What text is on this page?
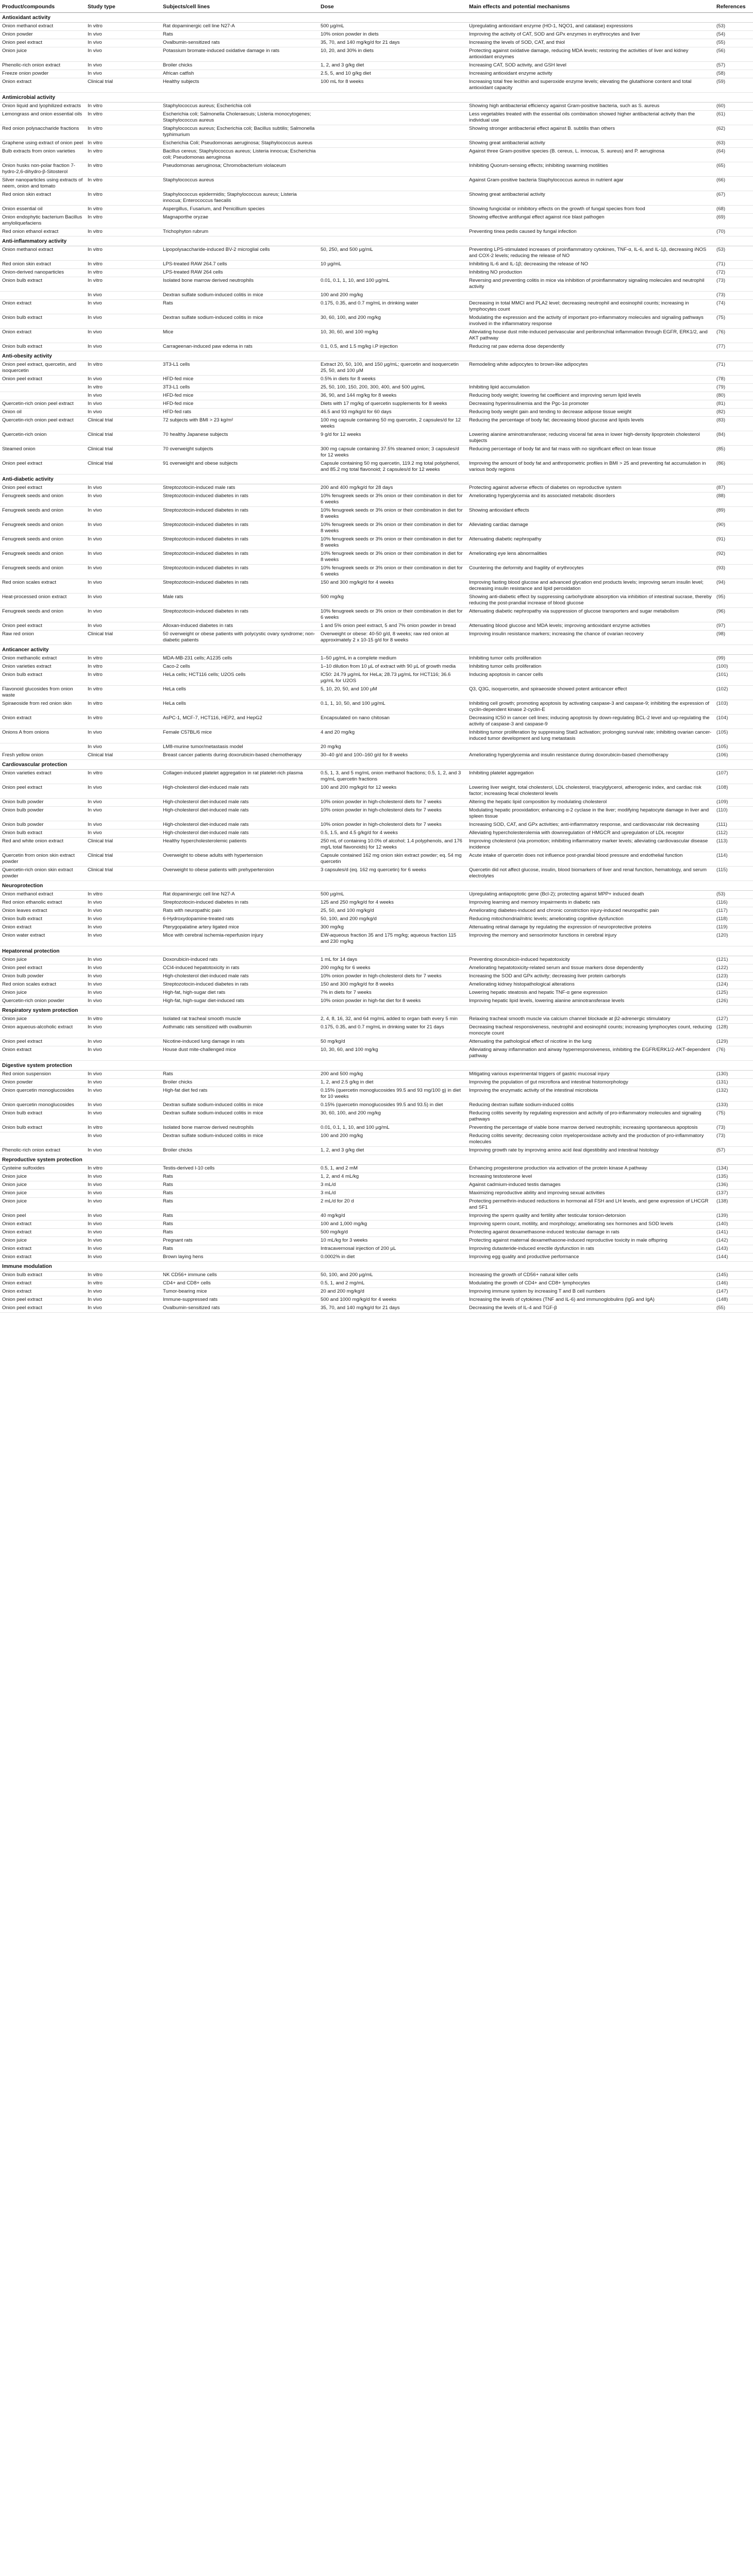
Product/compounds	Study type	Subjects/cell lines	Dose	Main effects and potential mechanisms	References
Antioxidant activity					
Onion methanol extract	In vitro	Rat dopaminergic cell line N27-A	500 µg/mL	Upregulating antioxidant enzyme (HO-1, NQO1, and catalase) expressions	(53)
Onion powder	In vivo	Rats	10% onion powder in diets	Improving the activity of CAT, SOD and GPx enzymes in erythrocytes and liver	(54)
Onion peel extract	In vivo	Ovalbumin-sensitized rats	35, 70, and 140 mg/kg/d for 21 days	Increasing the levels of SOD, CAT, and thiol	(55)
Onion juice	In vivo	Potassium bromate-induced oxidative damage in rats	10, 20, and 30% in diets	Protecting against oxidative damage, reducing MDA levels; restoring the activities of liver and kidney antioxidant enzymes	(56)
Phenolic-rich onion extract	In vivo	Broiler chicks	1, 2, and 3 g/kg diet	Increasing CAT, SOD activity, and GSH level	(57)
Freeze onion powder	In vivo	African catfish	2.5, 5, and 10 g/kg diet	Increasing antioxidant enzyme activity	(58)
Onion extract	Clinical trial	Healthy subjects	100 mL for 8 weeks	Increasing total free lecithin and superoxide enzyme levels; elevating the glutathione content and total antioxidant capacity	(59)
Antimicrobial activity					
Onion liquid and lyophilized extracts	In vitro	Staphylococcus aureus; Escherichia coli		Showing high antibacterial efficiency against Gram-positive bacteria, such as S. aureus	(60)
Lemongrass and onion essential oils	In vitro	Escherichia coli; Salmonella Choleraesuis; Listeria monocytogenes; Staphylococcus aureus		Less vegetables treated with the essential oils combination showed higher antibacterial activity than the individual use	(61)
Red onion polysaccharide fractions	In vitro	Staphylococcus aureus; Escherichia coli; Bacillus subtilis; Salmonella typhimurium		Showing stronger antibacterial effect against B. subtilis than others	(62)
Graphene using extract of onion peel	In vitro	Escherichia Coli; Pseudomonas aeruginosa; Staphylococcus aureus		Showing great antibacterial activity	(63)
Bulb extracts from onion varieties	In vitro	Bacillus cereus; Staphylococcus aureus; Listeria innocua; Escherichia coli; Pseudomonas aeruginosa		Against three Gram-positive species (B. cereus, L. innocua, S. aureus) and P. aeruginosa	(64)
Onion husks non-polar fraction 7-hydro-2,6-dihydro-β-Sitosterol	In vitro	Pseudomonas aeruginosa; Chromobacterium violaceum		Inhibiting Quorum-sensing effects; inhibiting swarming motilities	(65)
Silver nanoparticles using extracts of neem, onion and tomato	In vitro	Staphylococcus aureus		Against Gram-positive bacteria Staphylococcus aureus in nutrient agar	(66)
Red onion skin extract	In vitro	Staphylococcus epidermidis; Staphylococcus aureus; Listeria innocua; Enterococcus faecalis		Showing great antibacterial activity	(67)
Onion essential oil	In vitro	Aspergillus, Fusarium, and Penicillium species		Showing fungicidal or inhibitory effects on the growth of fungal species from food	(68)
Onion endophytic bacterium Bacillus amyloliquefaciens	In vitro	Magnaporthe oryzae		Showing effective antifungal effect against rice blast pathogen	(69)
Red onion ethanol extract	In vitro	Trichophyton rubrum		Preventing tinea pedis caused by fungal infection	(70)
Anti-inflammatory activity					
Onion methanol extract	In vitro	Lipopolysaccharide-induced BV-2 microglial cells	50, 250, and 500 µg/mL	Preventing LPS-stimulated increases of proinflammatory cytokines, TNF-α, IL-6, and IL-1β, decreasing iNOS and COX-2 levels; reducing the release of NO	(53)
Red onion skin extract	In vitro	LPS-treated RAW 264.7 cells	10 µg/mL	Inhibiting IL-6 and IL-1β; decreasing the release of NO	(71)
Onion-derived nanoparticles	In vitro	LPS-treated RAW 264 cells		Inhibiting NO production	(72)
Onion bulb extract	In vitro	Isolated bone marrow derived neutrophils	0.01, 0.1, 1, 10, and 100 µg/mL	Reversing and preventing colitis in mice via inhibition of proinflammatory signaling molecules and neutrophil activity	(73)
	In vivo	Dextran sulfate sodium-induced colitis in mice	100 and 200 mg/kg		(73)
Onion extract	In vivo	Rats	0.175, 0.35, and 0.7 mg/mL in drinking water	Decreasing in total MMCI and PLA2 level; decreasing neutrophil and eosinophil counts; increasing in lymphocytes count	(74)
Onion bulb extract	In vivo	Dextran sulfate sodium-induced colitis in mice	30, 60, 100, and 200 mg/kg	Modulating the expression and the activity of important pro-inflammatory molecules and signaling pathways involved in the inflammatory response	(75)
Onion extract	In vivo	Mice	10, 30, 60, and 100 mg/kg	Alleviating house dust mite-induced perivascular and peribronchial inflammation through EGFR, ERK1/2, and AKT pathway	(76)
Onion bulb extract	In vivo	Carrageenan-induced paw edema in rats	0.1, 0.5, and 1.5 mg/kg i.P injection	Reducing rat paw edema dose dependently	(77)
Anti-obesity activity					
Onion peel extract, quercetin, and isoquercetin	In vitro	3T3-L1 cells	Extract 20, 50, 100, and 150 µg/mL; quercetin and isoquercetin 25, 50, and 100 µM	Remodeling white adipocytes to brown-like adipocytes	(71)
Onion peel extract	In vivo	HFD-fed mice	0.5% in diets for 8 weeks		(78)
	In vitro	3T3-L1 cells	25, 50, 100, 150, 200, 300, 400, and 500 µg/mL	Inhibiting lipid accumulation	(79)
	In vivo	HFD-fed mice	36, 90, and 144 mg/kg for 8 weeks	Reducing body weight; lowering fat coefficient and improving serum lipid levels	(80)
Quercetin-rich onion peel extract	In vivo	HFD-fed mice	Diets with 17 mg/kg of quercetin supplements for 8 weeks	Decreasing hyperinsulinemia and the Pgc-1α promoter	(81)
Onion oil	In vivo	HFD-fed rats	46.5 and 93 mg/kg/d for 60 days	Reducing body weight gain and tending to decrease adipose tissue weight	(82)
Quercetin-rich onion peel extract	Clinical trial	72 subjects with BMI > 23 kg/m²	100 mg capsule containing 50 mg quercetin, 2 capsules/d for 12 weeks	Reducing the percentage of body fat; decreasing blood glucose and lipids levels	(83)
Quercetin-rich onion	Clinical trial	70 healthy Japanese subjects	9 g/d for 12 weeks	Lowering alanine aminotransferase; reducing visceral fat area in lower high-density lipoprotein cholesterol subjects	(84)
Steamed onion	Clinical trial	70 overweight subjects	300 mg capsule containing 37.5% steamed onion; 3 capsules/d for 12 weeks	Reducing percentage of body fat and fat mass with no significant effect on lean tissue	(85)
Onion peel extract	Clinical trial	91 overweight and obese subjects	Capsule containing 50 mg quercetin, 119.2 mg total polyphenol, and 85.2 mg total flavonoid; 2 capsules/d for 12 weeks	Improving the amount of body fat and anthropometric profiles in BMI > 25 and preventing fat accumulation in various body regions	(86)
Anti-diabetic activity					
Onion peel extract	In vivo	Streptozotocin-induced male rats	200 and 400 mg/kg/d for 28 days	Protecting against adverse effects of diabetes on reproductive system	(87)
Fenugreek seeds and onion	In vivo	Streptozotocin-induced diabetes in rats	10% fenugreek seeds or 3% onion or their combination in diet for 6 weeks	Ameliorating hyperglycemia and its associated metabolic disorders	(88)
Fenugreek seeds and onion	In vivo	Streptozotocin-induced diabetes in rats	10% fenugreek seeds or 3% onion or their combination in diet for 8 weeks	Showing antioxidant effects	(89)
Fenugreek seeds and onion	In vivo	Streptozotocin-induced diabetes in rats	10% fenugreek seeds or 3% onion or their combination in diet for 8 weeks	Alleviating cardiac damage	(90)
Fenugreek seeds and onion	In vivo	Streptozotocin-induced diabetes in rats	10% fenugreek seeds or 3% onion or their combination in diet for 8 weeks	Attenuating diabetic nephropathy	(91)
Fenugreek seeds and onion	In vivo	Streptozotocin-induced diabetes in rats	10% fenugreek seeds or 3% onion or their combination in diet for 8 weeks	Ameliorating eye lens abnormalities	(92)
Fenugreek seeds and onion	In vivo	Streptozotocin-induced diabetes in rats	10% fenugreek seeds or 3% onion or their combination in diet for 6 weeks	Countering the deformity and fragility of erythrocytes	(93)
Red onion scales extract	In vivo	Streptozotocin-induced diabetes in rats	150 and 300 mg/kg/d for 4 weeks	Improving fasting blood glucose and advanced glycation end products levels; improving serum insulin level; decreasing insulin resistance and lipid peroxidation	(94)
Heat-processed onion extract	In vivo	Male rats	500 mg/kg	Showing anti-diabetic effect by suppressing carbohydrate absorption via inhibition of intestinal sucrase, thereby reducing the post-prandial increase of blood glucose	(95)
Fenugreek seeds and onion	In vivo	Streptozotocin-induced diabetes in rats	10% fenugreek seeds or 3% onion or their combination in diet for 6 weeks	Attenuating diabetic nephropathy via suppression of glucose transporters and sugar metabolism	(96)
Onion peel extract	In vivo	Alloxan-induced diabetes in rats	1 and 5% onion peel extract, 5 and 7% onion powder in bread	Attenuating blood glucose and MDA levels; improving antioxidant enzyme activities	(97)
Raw red onion	Clinical trial	50 overweight or obese patients with polycystic ovary syndrome; non-diabetic patients	Overweight or obese: 40-50 g/d, 8 weeks; raw red onion at approximately 2 x 10-15 g/d for 8 weeks	Improving insulin resistance markers; increasing the chance of ovarian recovery	(98)
Anticancer activity					
Onion methanolic extract	In vitro	MDA-MB-231 cells; A1235 cells	1–50 µg/mL in a complete medium	Inhibiting tumor cells proliferation	(99)
Onion varieties extract	In vitro	Caco-2 cells	1–10 dilution from 10 µL of extract with 90 µL of growth media	Inhibiting tumor cells proliferation	(100)
Onion bulb extract	In vitro	HeLa cells; HCT116 cells; U2OS cells	IC50: 24.79 µg/mL for HeLa; 28.73 µg/mL for HCT116; 36.6 µg/mL for U2OS	Inducing apoptosis in cancer cells	(101)
Flavonoid glucosides from onion waste	In vitro	HeLa cells	5, 10, 20, 50, and 100 µM	Q3, Q3G, isoquercetin, and spiraeoside showed potent anticancer effect	(102)
Spiraeoside from red onion skin	In vitro	HeLa cells	0.1, 1, 10, 50, and 100 µg/mL	Inhibiting cell growth; promoting apoptosis by activating caspase-3 and caspase-9; inhibiting the expression of cyclin-dependent kinase 2-cyclin-E	(103)
Onion extract	In vitro	AsPC-1, MCF-7, HCT116, HEP2, and HepG2	Encapsulated on nano chitosan	Decreasing IC50 in cancer cell lines; inducing apoptosis by down-regulating BCL-2 level and up-regulating the activity of caspase-3 and caspase-9	(104)
Onions A from onions	In vivo	Female C57BL/6 mice	4 and 20 mg/kg	Inhibiting tumor proliferation by suppressing Stat3 activation; prolonging survival rate; inhibiting ovarian cancer-induced tumor development and lung metastasis	(105)
	In vivo	LM8-murine tumor/metastasis model	20 mg/kg		(105)
Fresh yellow onion	Clinical trial	Breast cancer patients during doxorubicin-based chemotherapy	30–40 g/d and 100–160 g/d for 8 weeks	Ameliorating hyperglycemia and insulin resistance during doxorubicin-based chemotherapy	(106)
Cardiovascular protection					
Onion varieties extract	In vitro	Collagen-induced platelet aggregation in rat platelet-rich plasma	0.5, 1, 3, and 5 mg/mL onion methanol fractions; 0.5, 1, 2, and 3 mg/mL quercetin fractions	Inhibiting platelet aggregation	(107)
Onion peel extract	In vivo	High-cholesterol diet-induced male rats	100 and 200 mg/kg/d for 12 weeks	Lowering liver weight, total cholesterol, LDL cholesterol, triacylglycerol, atherogenic index, and cardiac risk factor; increasing fecal cholesterol levels	(108)
Onion bulb powder	In vivo	High-cholesterol diet-induced male rats	10% onion powder in high-cholesterol diets for 7 weeks	Altering the hepatic lipid composition by modulating cholesterol	(109)
Onion bulb powder	In vivo	High-cholesterol diet-induced male rats	10% onion powder in high-cholesterol diets for 7 weeks	Modulating hepatic prooxidation; enhancing α-2 cyclase in the liver; modifying hepatocyte damage in liver and spleen tissue	(110)
Onion bulb powder	In vivo	High-cholesterol diet-induced male rats	10% onion powder in high-cholesterol diets for 7 weeks	Increasing SOD, CAT, and GPx activities; anti-inflammatory response, and cardiovascular risk decreasing	(111)
Onion bulb extract	In vivo	High-cholesterol diet-induced male rats	0.5, 1.5, and 4.5 g/kg/d for 4 weeks	Alleviating hypercholesterolemia with downregulation of HMGCR and upregulation of LDL receptor	(112)
Red and white onion extract	Clinical trial	Healthy hypercholesterolemic patients	250 mL of containing 10.0% of alcohol; 1.4 polyphenols, and 176 mg/L total flavonoids) for 12 weeks	Improving cholesterol (via promotion; inhibiting inflammatory marker levels; alleviating cardiovascular disease incidence	(113)
Quercetin from onion skin extract powder	Clinical trial	Overweight to obese adults with hypertension	Capsule contained 162 mg onion skin extract powder; eq. 54 mg quercetin	Acute intake of quercetin does not influence post-prandial blood pressure and endothelial function	(114)
Quercetin-rich onion skin extract powder	Clinical trial	Overweight to obese patients with prehypertension	3 capsules/d (eq. 162 mg quercetin) for 6 weeks	Quercetin did not affect glucose, insulin, blood biomarkers of liver and renal function, hematology, and serum electrolytes	(115)
Neuroprotection					
Onion methanol extract	In vitro	Rat dopaminergic cell line N27-A	500 µg/mL	Upregulating antiapoptotic gene (Bcl-2); protecting against MPP+ induced death	(53)
Red onion ethanolic extract	In vivo	Streptozotocin-induced diabetes in rats	125 and 250 mg/kg/d for 4 weeks	Improving learning and memory impairments in diabetic rats	(116)
Onion leaves extract	In vivo	Rats with neuropathic pain	25, 50, and 100 mg/kg/d	Ameliorating diabetes-induced and chronic constriction injury-induced neuropathic pain	(117)
Onion bulb extract	In vivo	6-Hydroxydopamine-treated rats	50, 100, and 200 mg/kg/d	Reducing mitochondrial/nitric levels; ameliorating cognitive dysfunction	(118)
Onion extract	In vivo	Pterygopalatine artery ligated mice	300 mg/kg	Attenuating retinal damage by regulating the expression of neuroprotective proteins	(119)
Onion water extract	In vivo	Mice with cerebral ischemia-reperfusion injury	EW-aqueous fraction 35 and 175 mg/kg; aqueous fraction 115 and 230 mg/kg	Improving the memory and sensorimotor functions in cerebral injury	(120)
Hepatorenal protection					
Onion juice	In vivo	Doxorubicin-induced rats	1 mL for 14 days	Preventing doxorubicin-induced hepatotoxicity	(121)
Onion peel extract	In vivo	CCl4-induced hepatotoxicity in rats	200 mg/kg for 6 weeks	Ameliorating hepatotoxicity-related serum and tissue markers dose dependently	(122)
Onion bulb powder	In vivo	High-cholesterol diet-induced male rats	10% onion powder in high-cholesterol diets for 7 weeks	Increasing the SOD and GPx activity; decreasing liver protein carbonyls	(123)
Red onion scales extract	In vivo	Streptozotocin-induced diabetes in rats	150 and 300 mg/kg/d for 8 weeks	Ameliorating kidney histopathological alterations	(124)
Onion juice	In vivo	High-fat, high-sugar diet rats	7% in diets for 7 weeks	Lowering hepatic steatosis and hepatic TNF-α gene expression	(125)
Quercetin-rich onion powder	In vivo	High-fat, high-sugar diet-induced rats	10% onion powder in high-fat diet for 8 weeks	Improving hepatic lipid levels, lowering alanine aminotransferase levels	(126)
Respiratory system protection					
Onion juice	In vitro	Isolated rat tracheal smooth muscle	2, 4, 8, 16, 32, and 64 mg/mL added to organ bath every 5 min	Relaxing tracheal smooth muscle via calcium channel blockade at β2-adrenergic stimulatory	(127)
Onion aqueous-alcoholic extract	In vivo	Asthmatic rats sensitized with ovalbumin	0.175, 0.35, and 0.7 mg/mL in drinking water for 21 days	Decreasing tracheal responsiveness, neutrophil and eosinophil counts; increasing lymphocytes count, reducing monocyte count	(128)
Onion peel extract	In vivo	Nicotine-induced lung damage in rats	50 mg/kg/d	Attenuating the pathological effect of nicotine in the lung	(129)
Onion extract	In vivo	House dust mite-challenged mice	10, 30, 60, and 100 mg/kg	Alleviating airway inflammation and airway hyperresponsiveness, inhibiting the EGFR/ERK1/2-AKT-dependent pathway	(76)
Digestive system protection					
Red onion suspension	In vivo	Rats	200 and 500 mg/kg	Mitigating various experimental triggers of gastric mucosal injury	(130)
Onion powder	In vivo	Broiler chicks	1, 2, and 2.5 g/kg in diet	Improving the population of gut microflora and intestinal histomorphology	(131)
Onion quercetin monoglucosides	In vivo	High-fat diet fed rats	0.15% (quercetin monoglucosides 99.5 and 93 mg/100 g) in diet for 10 weeks	Improving the enzymatic activity of the intestinal microbiota	(132)
Onion quercetin monoglucosides	In vivo	Dextran sulfate sodium-induced colitis in mice	0.15% (quercetin monoglucosides 99.5 and 93.5) in diet	Reducing dextran sulfate sodium-induced colitis	(133)
Onion bulb extract	In vivo	Dextran sulfate sodium-induced colitis in mice	30, 60, 100, and 200 mg/kg	Reducing colitis severity by regulating expression and activity of pro-inflammatory molecules and signaling pathways	(75)
Onion bulb extract	In vitro	Isolated bone marrow derived neutrophils	0.01, 0.1, 1, 10, and 100 µg/mL	Preventing the percentage of viable bone marrow derived neutrophils; increasing spontaneous apoptosis	(73)
	In vivo	Dextran sulfate sodium-induced colitis in mice	100 and 200 mg/kg	Reducing colitis severity; decreasing colon myeloperoxidase activity and the production of pro-inflammatory molecules	(73)
Phenolic-rich onion extract	In vivo	Broiler chicks	1, 2, and 3 g/kg diet	Improving growth rate by improving amino acid ileal digestibility and intestinal histology	(57)
Reproductive system protection					
Cysteine sulfoxides	In vitro	Testis-derived I-10 cells	0.5, 1, and 2 mM	Enhancing progesterone production via activation of the protein kinase A pathway	(134)
Onion juice	In vivo	Rats	1, 2, and 4 mL/kg	Increasing testosterone level	(135)
Onion juice	In vivo	Rats	3 mL/d	Against cadmium-induced testis damages	(136)
Onion juice	In vivo	Rats	3 mL/d	Maximizing reproductive ability and improving sexual activities	(137)
Onion juice	In vivo	Rats	2 mL/d for 20 d	Protecting permethrin-induced reductions in hormonal all FSH and LH levels, and gene expression of LHCGR and SF1	(138)
Onion peel	In vivo	Rats	40 mg/kg/d	Improving the sperm quality and fertility after testicular torsion-detorsion	(139)
Onion extract	In vivo	Rats	100 and 1,000 mg/kg	Improving sperm count, motility, and morphology; ameliorating sex hormones and SOD levels	(140)
Onion extract	In vivo	Rats	500 mg/kg/d	Protecting against dexamethasone-induced testicular damage in rats	(141)
Onion juice	In vivo	Pregnant rats	10 mL/kg for 3 weeks	Protecting against maternal dexamethasone-induced reproductive toxicity in male offspring	(142)
Onion extract	In vivo	Rats	Intracavernosal injection of 200 µL	Improving dutasteride-induced erectile dysfunction in rats	(143)
Onion extract	In vivo	Brown laying hens	0.0002% in diet	Improving egg quality and productive performance	(144)
Immune modulation					
Onion bulb extract	In vitro	NK CD56+ immune cells	50, 100, and 200 µg/mL	Increasing the growth of CD56+ natural killer cells	(145)
Onion extract	In vitro	CD4+ and CD8+ cells	0.5, 1, and 2 mg/mL	Modulating the growth of CD4+ and CD8+ lymphocytes	(146)
Onion extract	In vivo	Tumor-bearing mice	20 and 200 mg/kg/d	Improving immune system by increasing T and B cell numbers	(147)
Onion peel extract	In vivo	Immune-suppressed rats	500 and 1000 mg/kg/d for 4 weeks	Increasing the levels of cytokines (TNF and IL-6) and immunoglobulins (IgG and IgA)	(148)
Onion peel extract	In vivo	Ovalbumin-sensitized rats	35, 70, and 140 mg/kg/d for 21 days	Decreasing the levels of IL-4 and TGF-β	(55)
